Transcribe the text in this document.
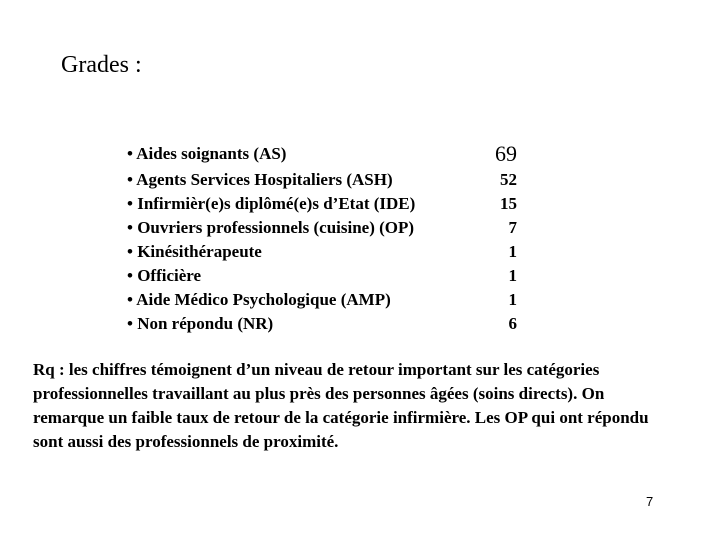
Grades :
• Aides soignants (AS)	69
• Agents Services Hospitaliers (ASH)	52
• Infirmièr(e)s diplômé(e)s d’Etat (IDE)	15
• Ouvriers professionnels (cuisine) (OP)	7
• Kinésithérapeute	1
• Officière	1
• Aide Médico Psychologique (AMP)	1
• Non répondu (NR)	6

Rq : les chiffres témoignent d’un niveau de retour important sur les catégories professionnelles travaillant au plus près des personnes âgées (soins directs). On remarque un faible taux de retour de la catégorie infirmière. Les OP qui ont répondu sont aussi des professionnels de proximité.

7
